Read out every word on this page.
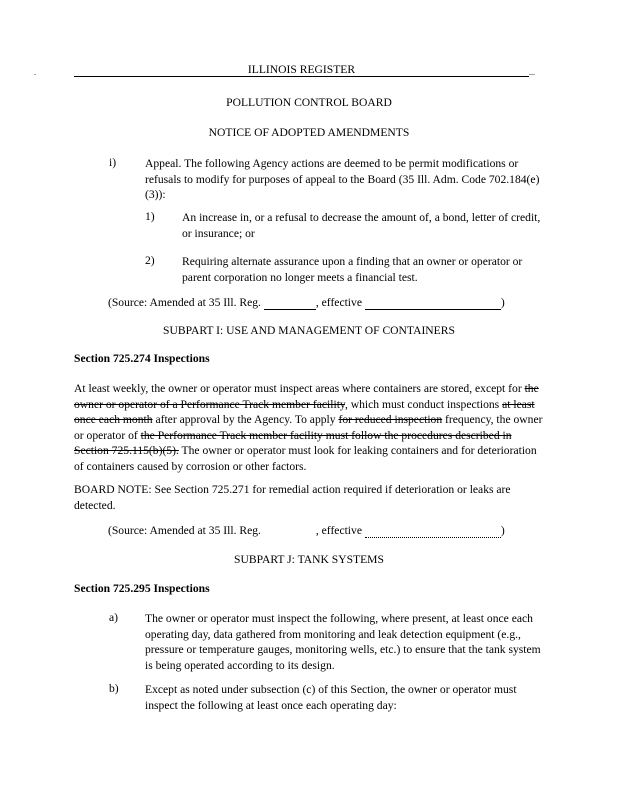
.	ILLINOIS REGISTER	...
POLLUTION CONTROL BOARD
NOTICE OF ADOPTED AMENDMENTS
i) Appeal. The following Agency actions are deemed to be permit modifications or refusals to modify for purposes of appeal to the Board (35 Ill. Adm. Code 702.184(e)(3)):

1) An increase in, or a refusal to decrease the amount of, a bond, letter of credit, or insurance; or

2) Requiring alternate assurance upon a finding that an owner or operator or parent corporation no longer meets a financial test.

(Source: Amended at 35 Ill. Reg.	, effective	)
SUBPART I: USE AND MANAGEMENT OF CONTAINERS
Section 725.274 Inspections

At least weekly, the owner or operator must inspect areas where containers are stored, except for the owner or operator of a Performance Track member facility, which must conduct inspections at least once each month after approval by the Agency. To apply for reduced inspection frequency, the owner or operator of the Performance Track member facility must follow the procedures described in Section 725.115(b)(5). The owner or operator must look for leaking containers and for deterioration of containers caused by corrosion or other factors.

BOARD NOTE: See Section 725.271 for remedial action required if deterioration or leaks are detected.

(Source: Amended at 35 Ill. Reg.	, effective	)
SUBPART J: TANK SYSTEMS
Section 725.295 Inspections
a) The owner or operator must inspect the following, where present, at least once each operating day, data gathered from monitoring and leak detection equipment (e.g., pressure or temperature gauges, monitoring wells, etc.) to ensure that the tank system is being operated according to its design.

b) Except as noted under subsection (c) of this Section, the owner or operator must inspect the following at least once each operating day:
